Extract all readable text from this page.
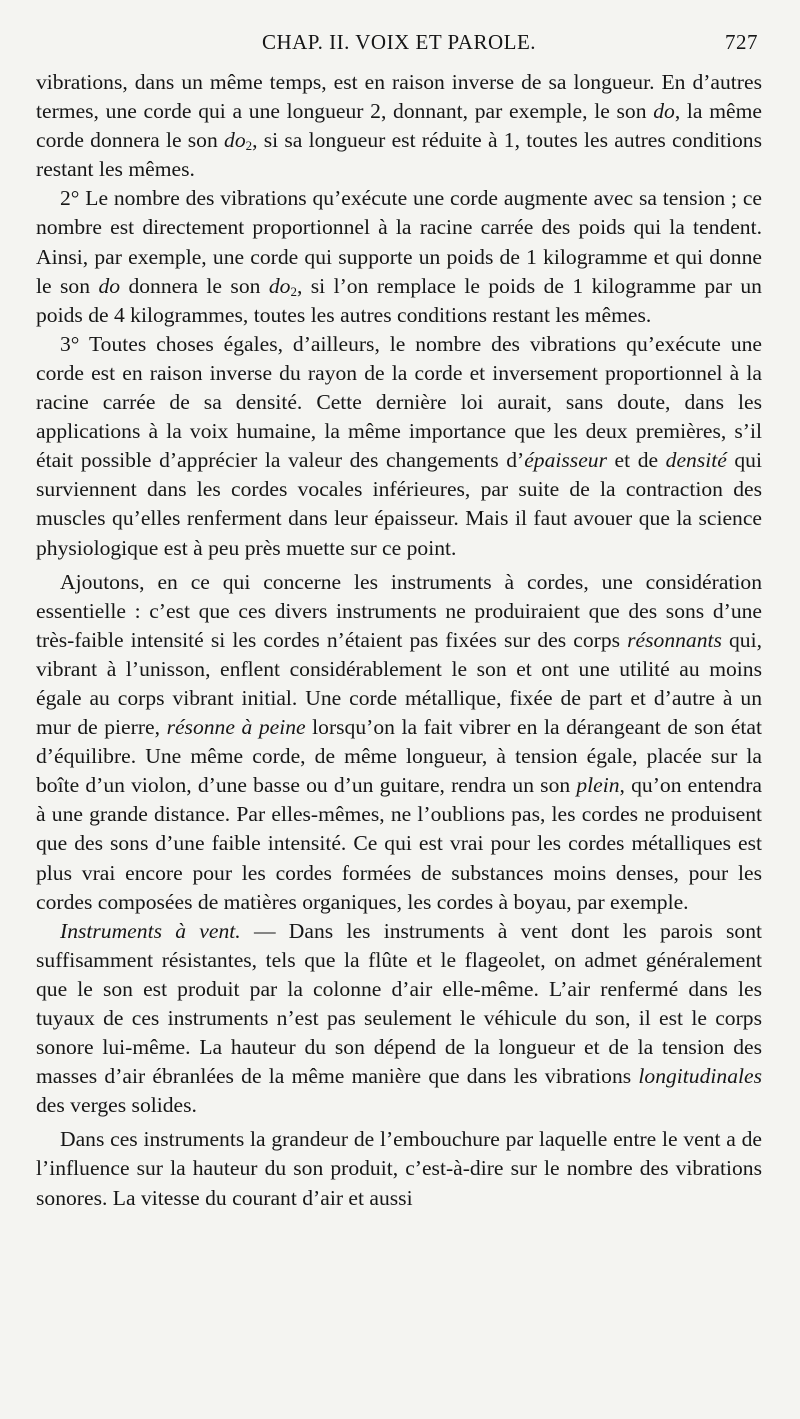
CHAP. II. VOIX ET PAROLE.	727

vibrations, dans un même temps, est en raison inverse de sa longueur. En d’autres termes, une corde qui a une longueur 2, donnant, par exemple, le son do, la même corde donnera le son $do_2$, si sa longueur est réduite à 1, toutes les autres conditions restant les mêmes.

2° Le nombre des vibrations qu’exécute une corde augmente avec sa tension ; ce nombre est directement proportionnel à la racine carrée des poids qui la tendent. Ainsi, par exemple, une corde qui supporte un poids de 1 kilogramme et qui donne le son do donnera le son $do_2$, si l’on remplace le poids de 1 kilogramme par un poids de 4 kilogrammes, toutes les autres conditions restant les mêmes.

3° Toutes choses égales, d’ailleurs, le nombre des vibrations qu’exécute une corde est en raison inverse du rayon de la corde et inversement proportionnel à la racine carrée de sa densité. Cette dernière loi aurait, sans doute, dans les applications à la voix humaine, la même importance que les deux premières, s’il était possible d’apprécier la valeur des changements d’épaisseur et de densité qui surviennent dans les cordes vocales inférieures, par suite de la contraction des muscles qu’elles renferment dans leur épaisseur. Mais il faut avouer que la science physiologique est à peu près muette sur ce point.

Ajoutons, en ce qui concerne les instruments à cordes, une considération essentielle : c’est que ces divers instruments ne produiraient que des sons d’une très-faible intensité si les cordes n’étaient pas fixées sur des corps résonnants qui, vibrant à l’unisson, enflent considérablement le son et ont une utilité au moins égale au corps vibrant initial. Une corde métallique, fixée de part et d’autre à un mur de pierre, résonne à peine lorsqu’on la fait vibrer en la dérangeant de son état d’équilibre. Une même corde, de même longueur, à tension égale, placée sur la boîte d’un violon, d’une basse ou d’un guitare, rendra un son plein, qu’on entendra à une grande distance. Par elles-mêmes, ne l’oublions pas, les cordes ne produisent que des sons d’une faible intensité. Ce qui est vrai pour les cordes métalliques est plus vrai encore pour les cordes formées de substances moins denses, pour les cordes composées de matières organiques, les cordes à boyau, par exemple.

Instruments à vent. — Dans les instruments à vent dont les parois sont suffisamment résistantes, tels que la flûte et le flageolet, on admet généralement que le son est produit par la colonne d’air elle-même. L’air renfermé dans les tuyaux de ces instruments n’est pas seulement le véhicule du son, il est le corps sonore lui-même. La hauteur du son dépend de la longueur et de la tension des masses d’air ébranlées de la même manière que dans les vibrations longitudinales des verges solides.

Dans ces instruments la grandeur de l’embouchure par laquelle entre le vent a de l’influence sur la hauteur du son produit, c’est-à-dire sur le nombre des vibrations sonores. La vitesse du courant d’air et aussi
